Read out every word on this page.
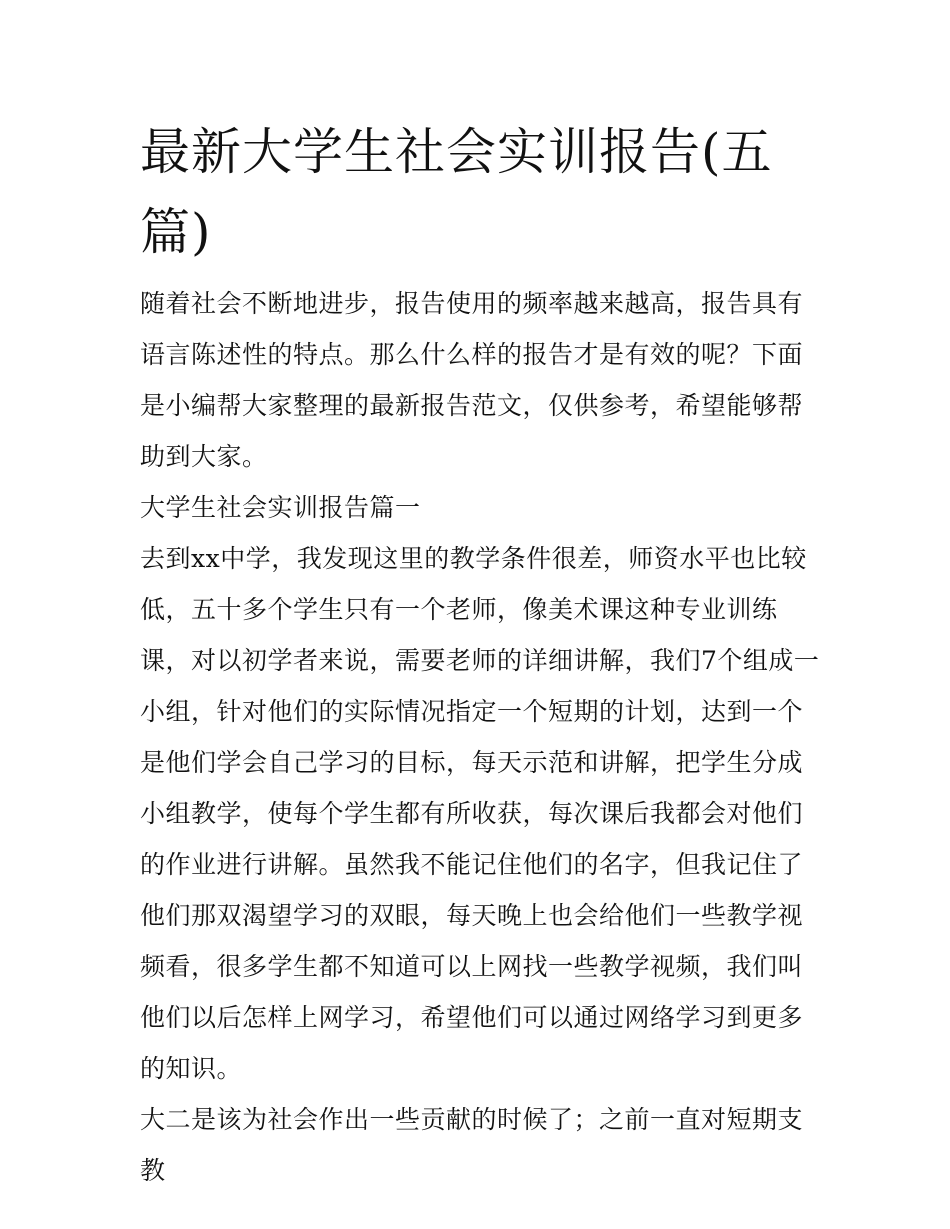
最新大学生社会实训报告(五篇)

随着社会不断地进步，报告使用的频率越来越高，报告具有语言陈述性的特点。那么什么样的报告才是有效的呢？下面是小编帮大家整理的最新报告范文，仅供参考，希望能够帮助到大家。

大学生社会实训报告篇一

去到xx中学，我发现这里的教学条件很差，师资水平也比较低，五十多个学生只有一个老师，像美术课这种专业训练课，对以初学者来说，需要老师的详细讲解，我们7个组成一小组，针对他们的实际情况指定一个短期的计划，达到一个是他们学会自己学习的目标，每天示范和讲解，把学生分成小组教学，使每个学生都有所收获，每次课后我都会对他们的作业进行讲解。虽然我不能记住他们的名字，但我记住了他们那双渴望学习的双眼，每天晚上也会给他们一些教学视频看，很多学生都不知道可以上网找一些教学视频，我们叫他们以后怎样上网学习，希望他们可以通过网络学习到更多的知识。

大二是该为社会作出一些贡献的时候了；之前一直对短期支教
